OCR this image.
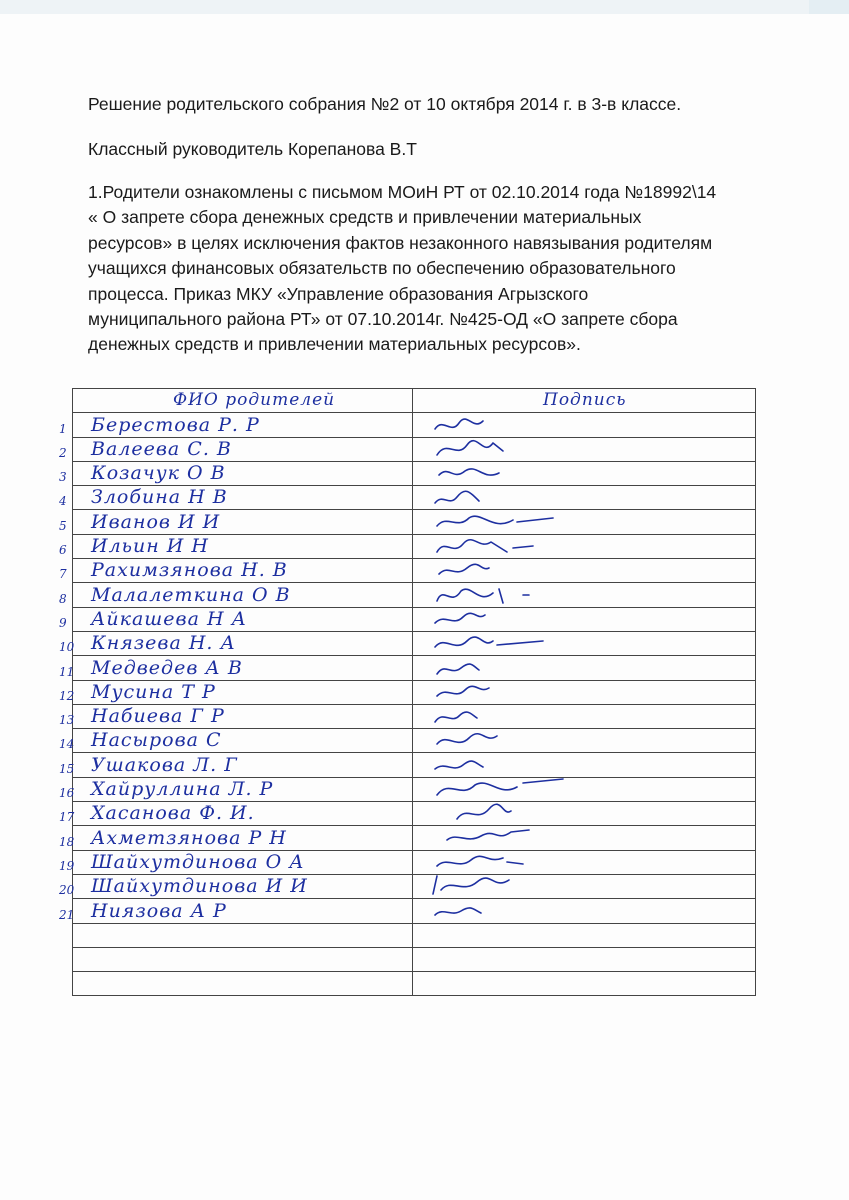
Решение родительского собрания №2 от 10 октября 2014 г. в 3-в классе.
Классный руководитель Корепанова В.Т
1.Родители ознакомлены с письмом МОиН РТ от 02.10.2014 года №18992\14
« О запрете сбора денежных средств и привлечении материальных
ресурсов» в целях исключения фактов незаконного навязывания родителям
учащихся финансовых обязательств по обеспечению образовательного
процесса. Приказ МКУ «Управление образования Агрызского
муниципального района РТ» от 07.10.2014г. №425-ОД «О запрете сбора
денежных средств и привлечении материальных ресурсов».
ФИО родителей	Подпись

1 Берестова Р. Р

2 Валеева С. В

3 Козачук О В

4 Злобина Н В

5 Иванов И И

6 Ильин И Н

7 Рахимзянова Н. В

8 Малалеткина О В

9 Айкашева Н А

10 Князева Н. А

11 Медведев А В

12 Мусина Т Р

13 Набиева Г Р

14 Насырова С

15 Ушакова Л. Г

16 Хайруллина Л. Р

17 Хасанова Ф. И.

18 Ахметзянова Р Н

19 Шайхутдинова О А

20 Шайхутдинова И И

21 Ниязова А Р
